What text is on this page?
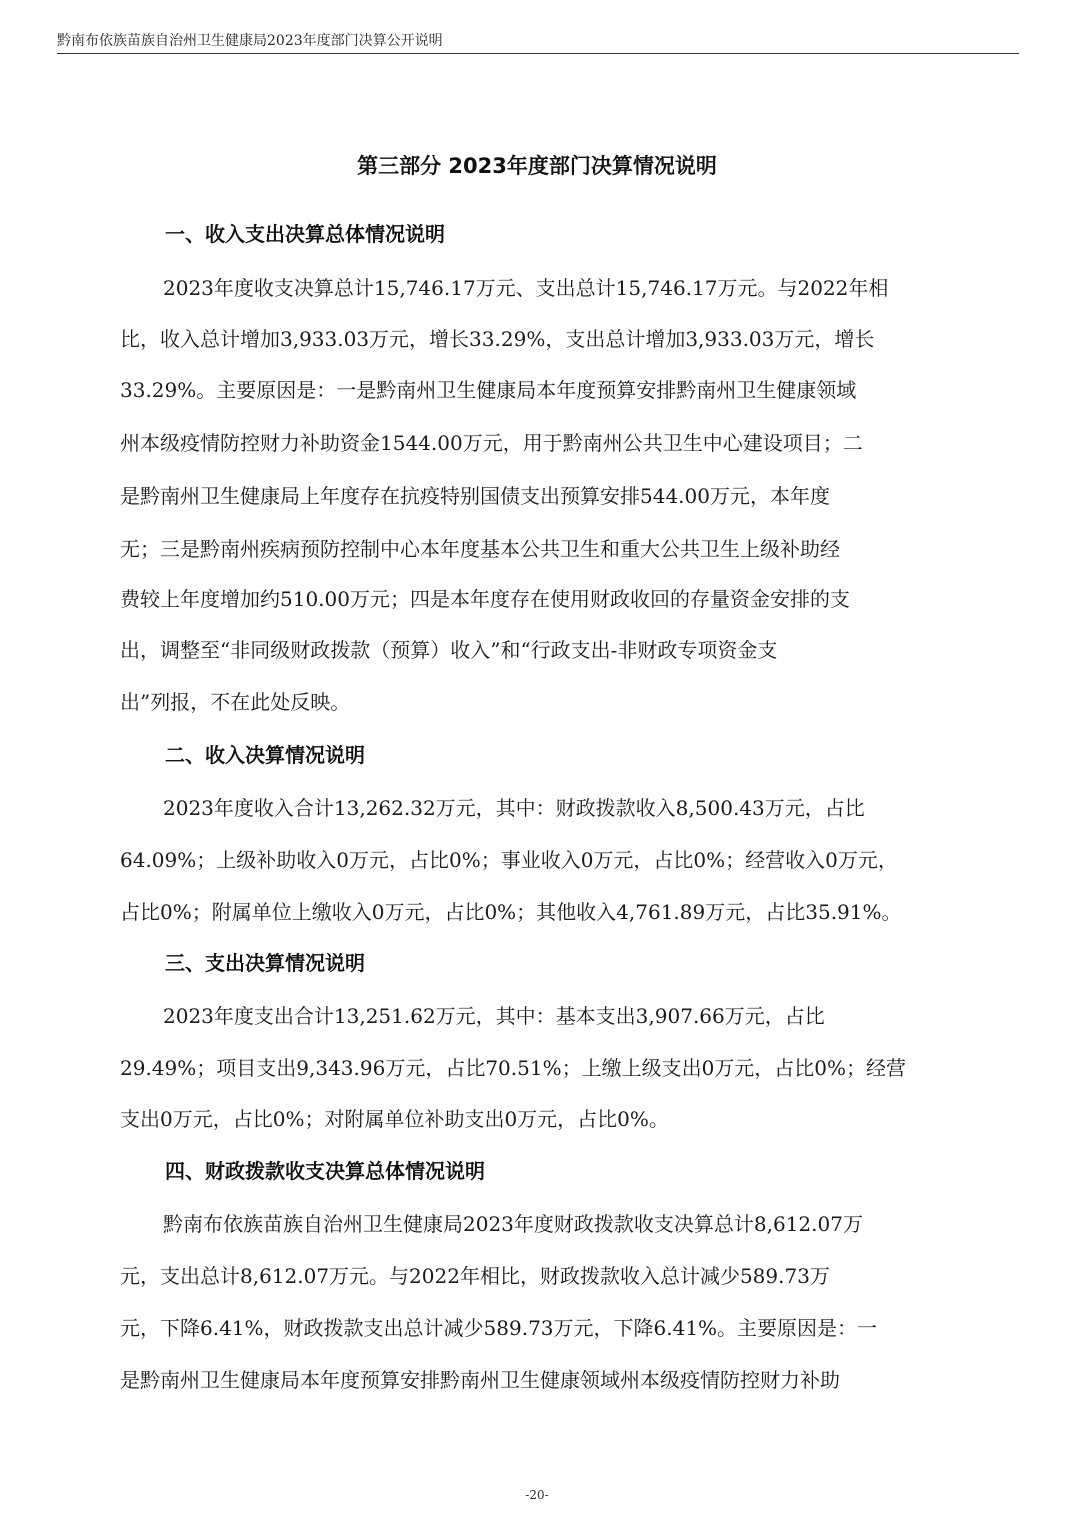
黔南布依族苗族自治州卫生健康局2023年度部门决算公开说明
第三部分 2023年度部门决算情况说明
一、收入支出决算总体情况说明
2023年度收支决算总计15,746.17万元、支出总计15,746.17万元。与2022年相
比，收入总计增加3,933.03万元，增长33.29%，支出总计增加3,933.03万元，增长
33.29%。主要原因是：一是黔南州卫生健康局本年度预算安排黔南州卫生健康领域
州本级疫情防控财力补助资金1544.00万元，用于黔南州公共卫生中心建设项目；二
是黔南州卫生健康局上年度存在抗疫特别国债支出预算安排544.00万元，本年度
无；三是黔南州疾病预防控制中心本年度基本公共卫生和重大公共卫生上级补助经
费较上年度增加约510.00万元；四是本年度存在使用财政收回的存量资金安排的支
出，调整至“非同级财政拨款（预算）收入”和“行政支出-非财政专项资金支
出”列报，不在此处反映。
二、收入决算情况说明
2023年度收入合计13,262.32万元，其中：财政拨款收入8,500.43万元，占比
64.09%；上级补助收入0万元，占比0%；事业收入0万元，占比0%；经营收入0万元，
占比0%；附属单位上缴收入0万元，占比0%；其他收入4,761.89万元，占比35.91%。
三、支出决算情况说明
2023年度支出合计13,251.62万元，其中：基本支出3,907.66万元，占比
29.49%；项目支出9,343.96万元，占比70.51%；上缴上级支出0万元，占比0%；经营
支出0万元，占比0%；对附属单位补助支出0万元，占比0%。
四、财政拨款收支决算总体情况说明
黔南布依族苗族自治州卫生健康局2023年度财政拨款收支决算总计8,612.07万
元，支出总计8,612.07万元。与2022年相比，财政拨款收入总计减少589.73万
元，下降6.41%，财政拨款支出总计减少589.73万元，下降6.41%。主要原因是：一
是黔南州卫生健康局本年度预算安排黔南州卫生健康领域州本级疫情防控财力补助
-20-
